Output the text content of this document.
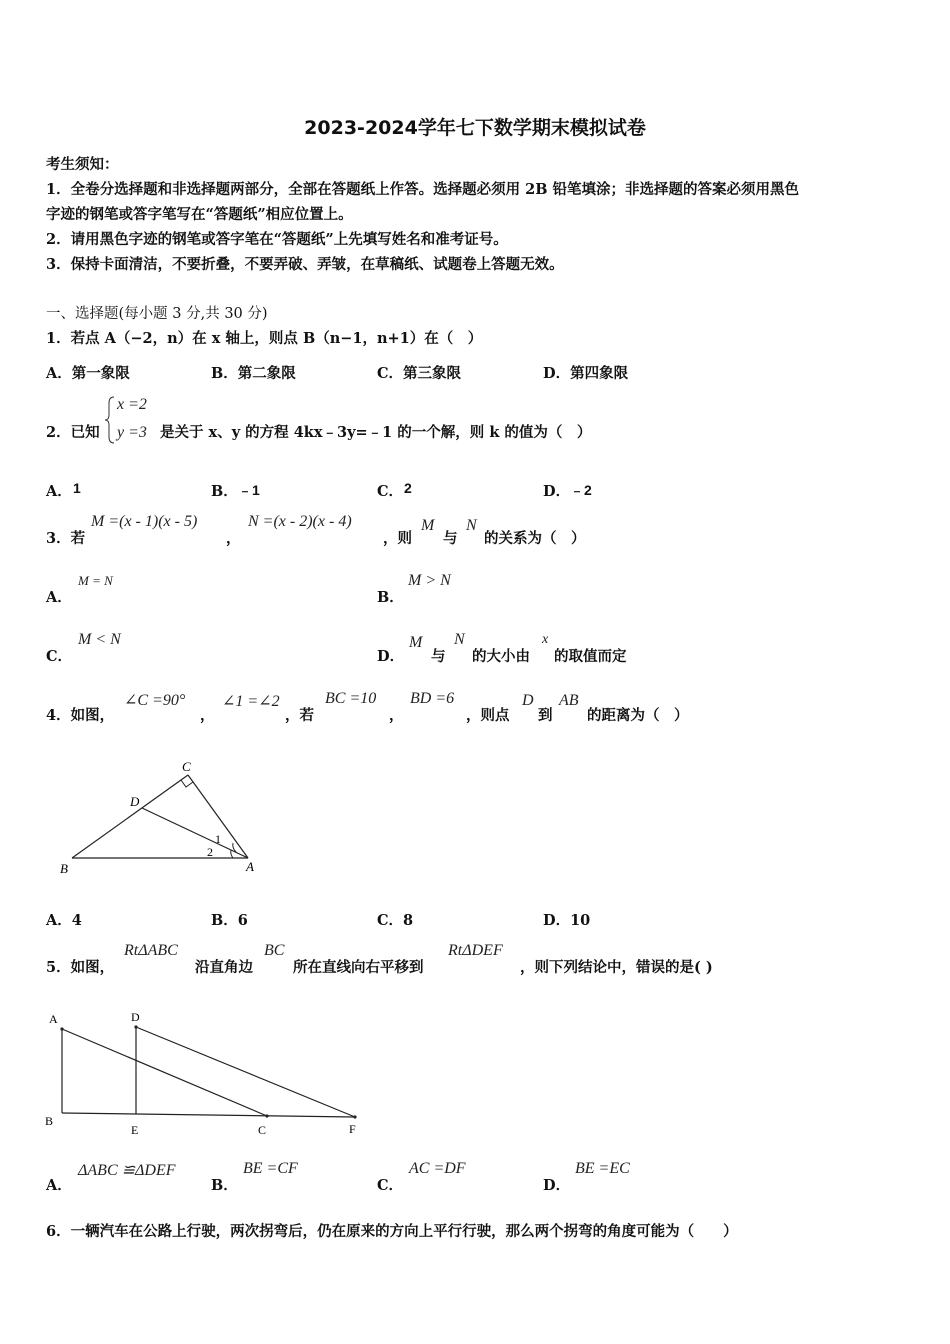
2023-2024学年七下数学期末模拟试卷
考生须知：
1．全卷分选择题和非选择题两部分，全部在答题纸上作答。选择题必须用 2B 铅笔填涂；非选择题的答案必须用黑色
字迹的钢笔或答字笔写在“答题纸”相应位置上。
2．请用黑色字迹的钢笔或答字笔在“答题纸”上先填写姓名和准考证号。
3．保持卡面清洁，不要折叠，不要弄破、弄皱，在草稿纸、试题卷上答题无效。
一、选择题(每小题 3 分,共 30 分)
1．若点 A（−2，n）在 x 轴上，则点 B（n−1，n+1）在（　）
A．第一象限	B．第二象限	C．第三象限	D．第四象限
2．已知
x =2
y =3 是关于 x、y 的方程 4kx﹣3y=﹣1 的一个解，则 k 的值为（　）
A． 1	B． ﹣1	C． 2	D． ﹣2
3．若
M =(x - 1)(x - 5)
，
N =(x - 2)(x - 4)
，则
M
与
N
的关系为（　）
A．
M = N
B．
M > N
C．
M < N
D．
M
与
N
的大小由
x
的取值而定
4．如图，
∠C =90°
，
∠1 =∠2
，若
BC =10
，
BD =6
，则点
D
到
AB
的距离为（　）
C
D
B	A
1
2
A．4	B．6	C．8	D．10
5．如图，
RtΔABC
沿直角边
BC
所在直线向右平移到
RtΔDEF
，则下列结论中，错误的是( )
A	D
B
E	C	F
A．
ΔABC ≌ΔDEF
B．
BE =CF
C．
AC =DF
D．
BE =EC
6．一辆汽车在公路上行驶，两次拐弯后，仍在原来的方向上平行行驶，那么两个拐弯的角度可能为（　　）
